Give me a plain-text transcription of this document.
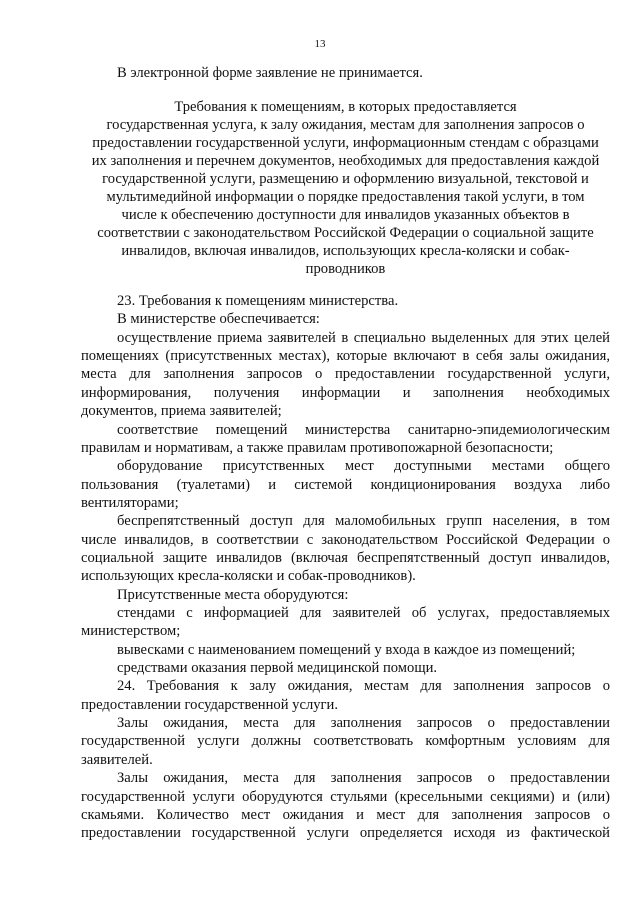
13

В электронной форме заявление не принимается.

Требования к помещениям, в которых предоставляется

государственная услуга, к залу ожидания, местам для заполнения запросов о

предоставлении государственной услуги, информационным стендам с образцами

их заполнения и перечнем документов, необходимых для предоставления каждой

государственной услуги, размещению и оформлению визуальной, текстовой и

мультимедийной информации о порядке предоставления такой услуги, в том

числе к обеспечению доступности для инвалидов указанных объектов в

соответствии с законодательством Российской Федерации о социальной защите

инвалидов, включая инвалидов, использующих кресла-коляски и собак-

проводников

23. Требования к помещениям министерства.

В министерстве обеспечивается:

осуществление приема заявителей в специально выделенных для этих целей

помещениях (присутственных местах), которые включают в себя залы ожидания,

места для заполнения запросов о предоставлении государственной услуги,

информирования, получения информации и заполнения необходимых

документов, приема заявителей;

соответствие помещений министерства санитарно-эпидемиологическим

правилам и нормативам, а также правилам противопожарной безопасности;

оборудование присутственных мест доступными местами общего

пользования (туалетами) и системой кондиционирования воздуха либо

вентиляторами;

беспрепятственный доступ для маломобильных групп населения, в том

числе инвалидов, в соответствии с законодательством Российской Федерации о

социальной защите инвалидов (включая беспрепятственный доступ инвалидов,

использующих кресла-коляски и собак-проводников).

Присутственные места оборудуются:

стендами с информацией для заявителей об услугах, предоставляемых

министерством;

вывесками с наименованием помещений у входа в каждое из помещений;

средствами оказания первой медицинской помощи.

24. Требования к залу ожидания, местам для заполнения запросов о

предоставлении государственной услуги.

Залы ожидания, места для заполнения запросов о предоставлении

государственной услуги должны соответствовать комфортным условиям для

заявителей.

Залы ожидания, места для заполнения запросов о предоставлении

государственной услуги оборудуются стульями (кресельными секциями) и (или)

скамьями. Количество мест ожидания и мест для заполнения запросов о

предоставлении государственной услуги определяется исходя из фактической
